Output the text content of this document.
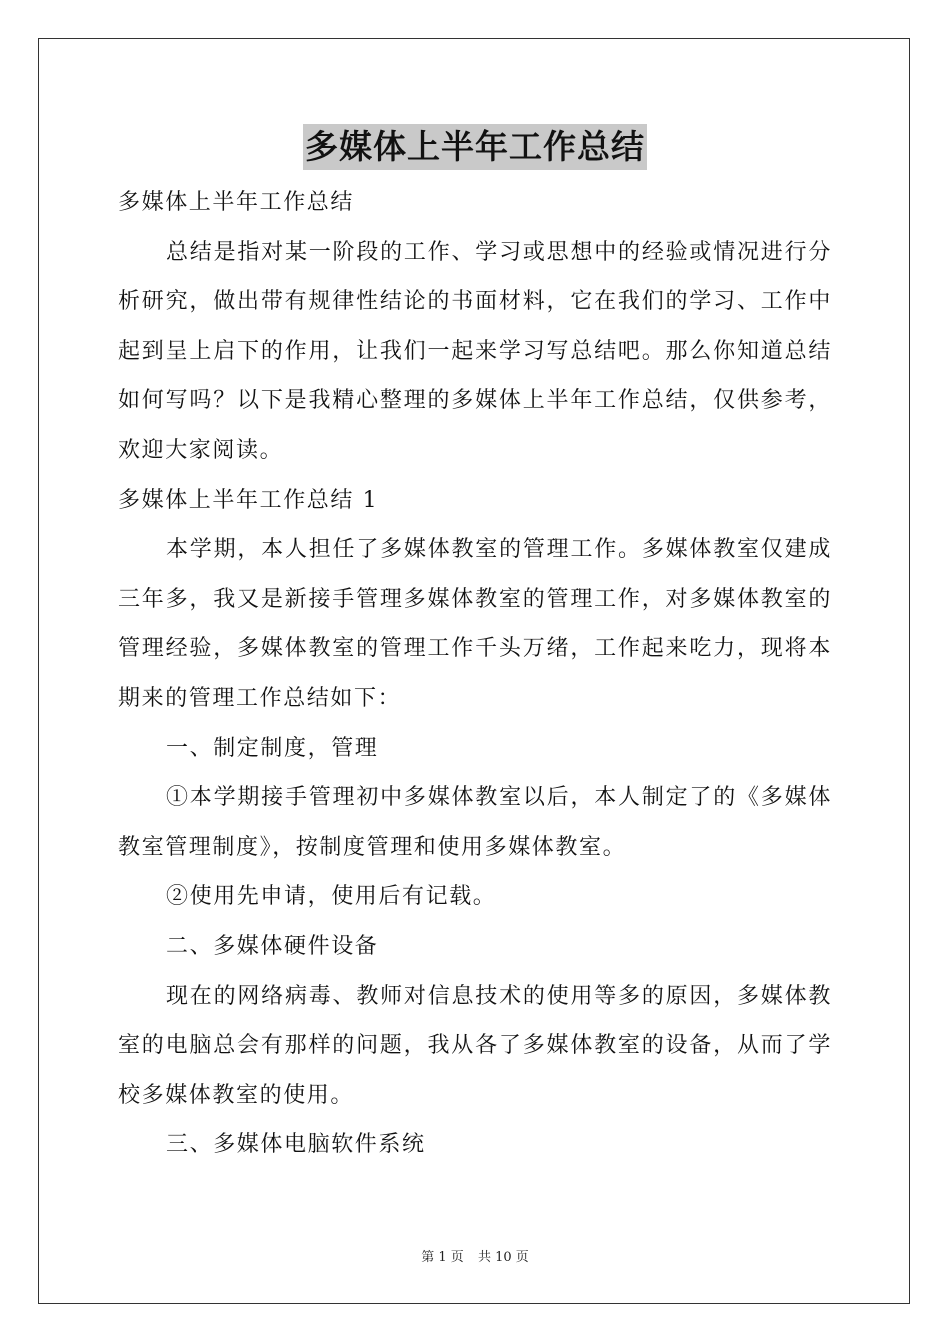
多媒体上半年工作总结

多媒体上半年工作总结

总结是指对某一阶段的工作、学习或思想中的经验或情况进行分析研究，做出带有规律性结论的书面材料，它在我们的学习、工作中起到呈上启下的作用，让我们一起来学习写总结吧。那么你知道总结如何写吗？以下是我精心整理的多媒体上半年工作总结，仅供参考，欢迎大家阅读。

多媒体上半年工作总结 1

本学期，本人担任了多媒体教室的管理工作。多媒体教室仅建成三年多，我又是新接手管理多媒体教室的管理工作，对多媒体教室的管理经验，多媒体教室的管理工作千头万绪，工作起来吃力，现将本期来的管理工作总结如下：

一、制定制度，管理

①本学期接手管理初中多媒体教室以后，本人制定了的《多媒体教室管理制度》，按制度管理和使用多媒体教室。

②使用先申请，使用后有记载。

二、多媒体硬件设备

现在的网络病毒、教师对信息技术的使用等多的原因，多媒体教室的电脑总会有那样的问题，我从各了多媒体教室的设备，从而了学校多媒体教室的使用。

三、多媒体电脑软件系统

第 1 页 共 10 页
